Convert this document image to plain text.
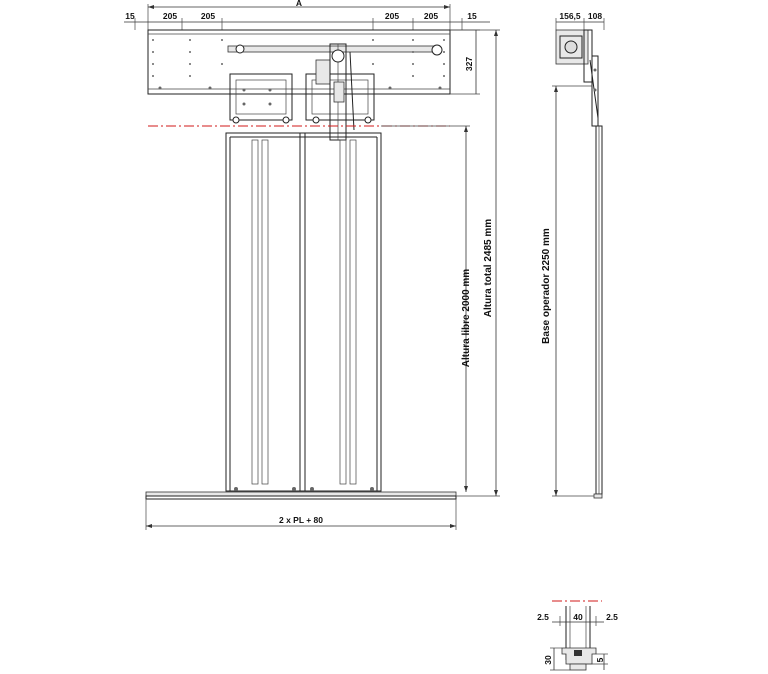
A
15	205	205	205	205	15
327
2 x PL + 80
Altura libre 2000 mm
Altura total 2485 mm
156,5 108
Base operador 2250 mm
2.5	40	2.5
30	5
